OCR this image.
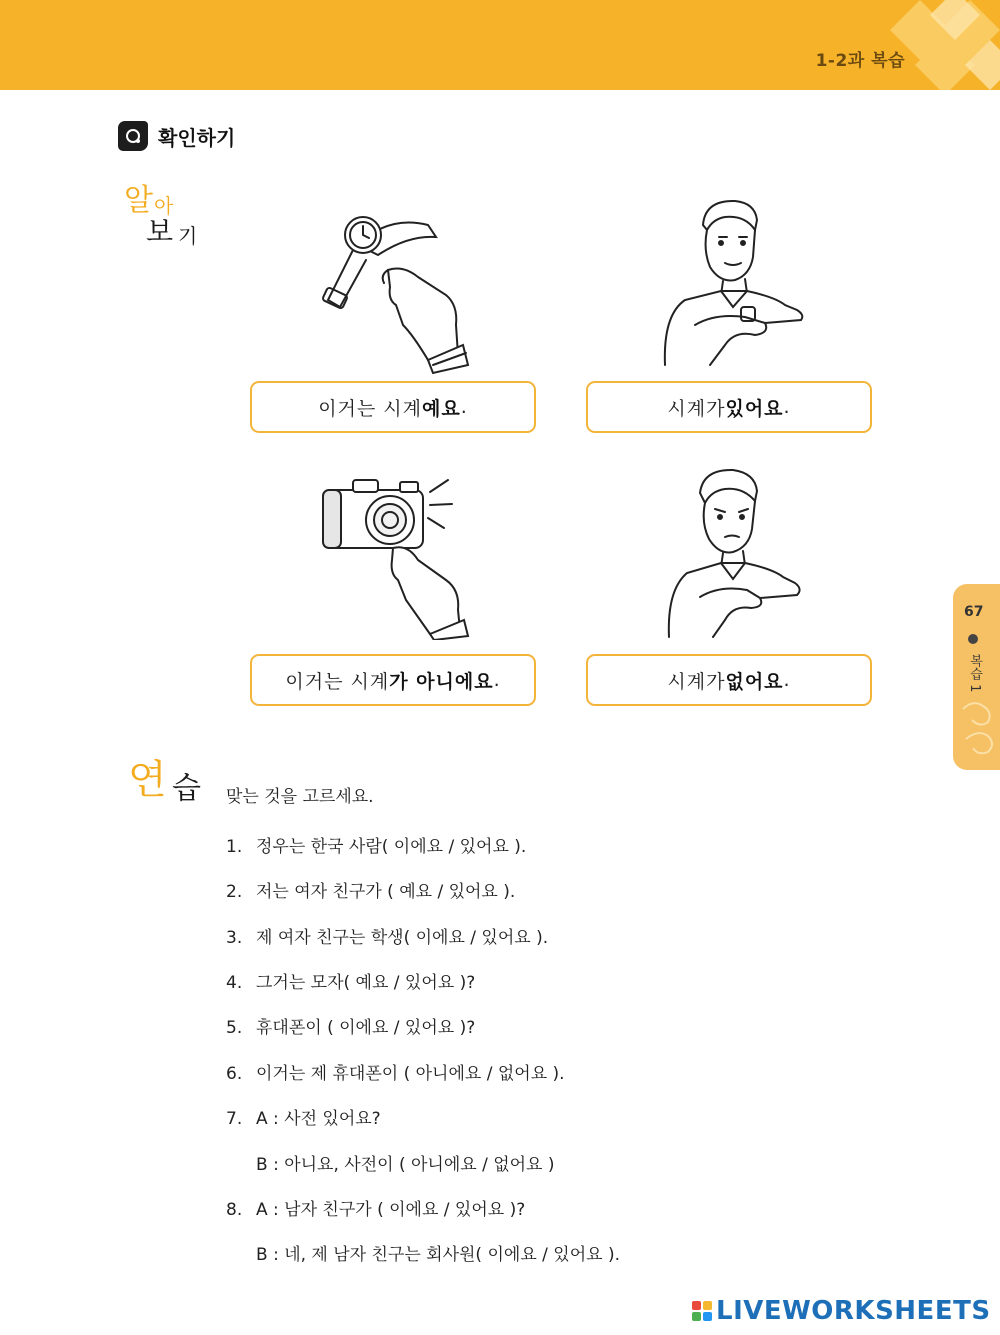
1-2과 복습
확인하기
알 아
보 기
이거는 시계 예요 .	시계가 있어요 .
이거는 시계 가 아니에요 .	시계가 없어요 .
연 습 맞는 것을 고르세요.
1. 정우는 한국 사람( 이에요 / 있어요 ).
2. 저는 여자 친구가 ( 예요 / 있어요 ).
3. 제 여자 친구는 학생( 이에요 / 있어요 ).
4. 그거는 모자( 예요 / 있어요 )?
5. 휴대폰이 ( 이에요 / 있어요 )?
6. 이거는 제 휴대폰이 ( 아니에요 / 없어요 ).
7. A : 사전 있어요?
B : 아니요, 사전이 ( 아니에요 / 없어요 )
8. A : 남자 친구가 ( 이에요 / 있어요 )?
B : 네, 제 남자 친구는 회사원( 이에요 / 있어요 ).
67
복습 1
LIVEWORKSHEETS
